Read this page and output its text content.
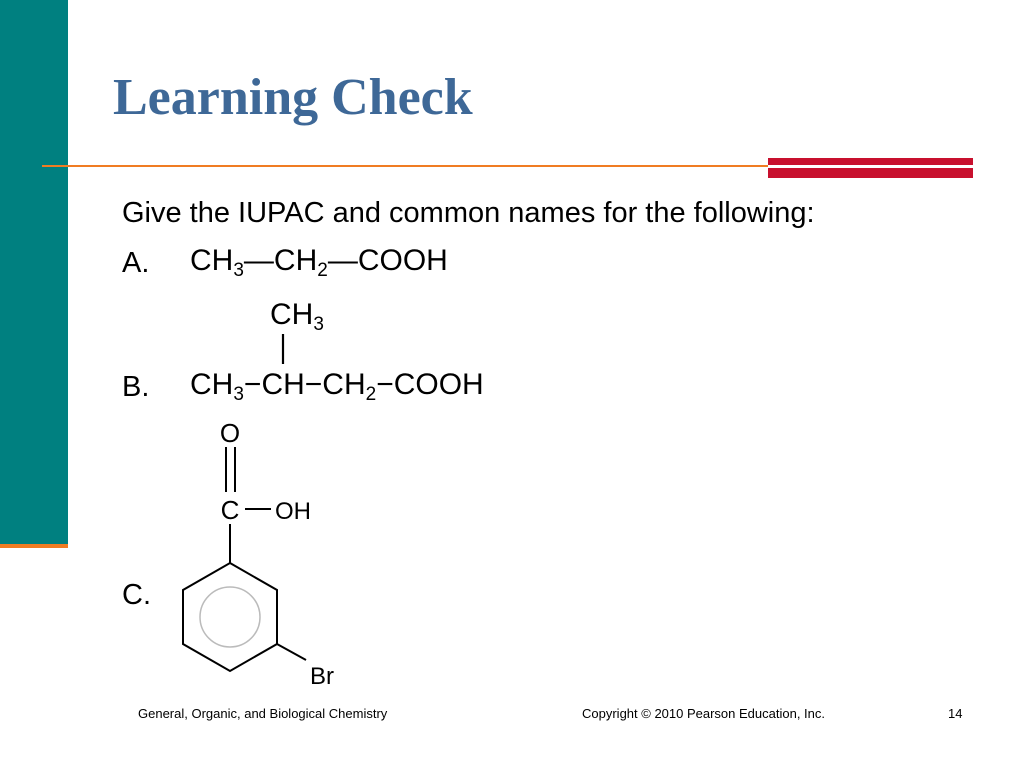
Learning Check
Give the IUPAC and common names for the following:
A. $CH_3—CH_2—COOH$
$CH_3$
B. $CH_3-CH-CH_2-COOH$
C.
O
C OH
Br
General, Organic, and Biological Chemistry	Copyright © 2010 Pearson Education, Inc.	14
